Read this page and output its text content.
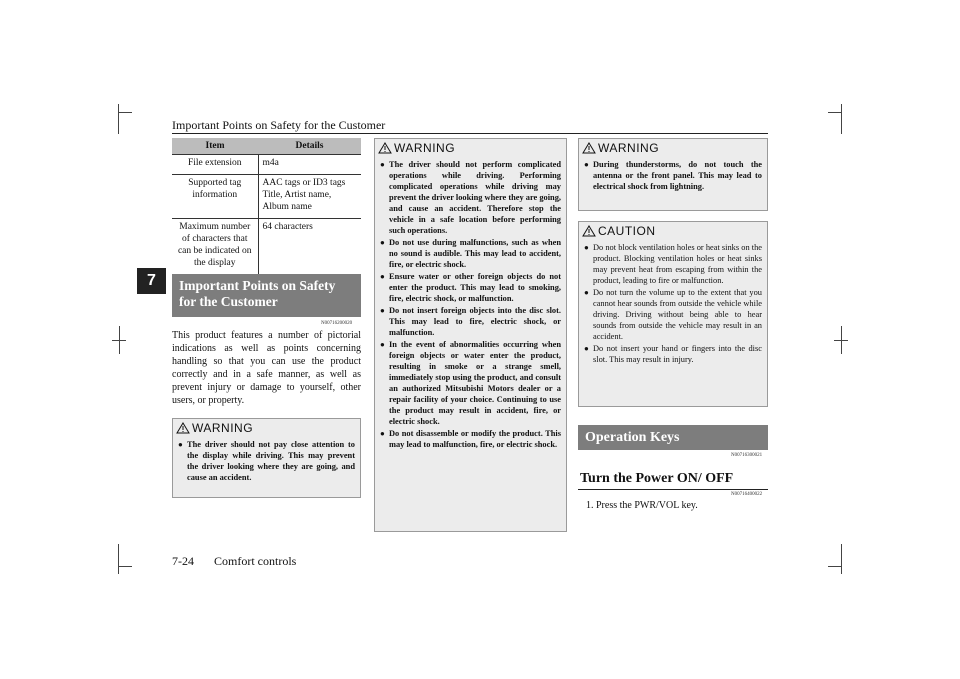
Important Points on Safety for the Customer
7
Item	Details
File extension	m4a

Supported tag information	AAC tags or ID3 tags
Title, Artist name,
Album name

Maximum number of characters that can be indicated on the display	64 characters
Important Points on Safety for the Customer
N00716200020
This product features a number of pictorial indications as well as points concerning handling so that you can use the product correctly and in a safe manner, as well as prevent injury or damage to yourself, other users, or property.
WARNING
● The driver should not pay close attention to the display while driving. This may prevent the driver looking where they are going, and cause an accident.
WARNING
● The driver should not perform complicated operations while driving. Performing complicated operations while driving may prevent the driver looking where they are going, and cause an accident. Therefore stop the vehicle in a safe location before performing such operations.
● Do not use during malfunctions, such as when no sound is audible. This may lead to accident, fire, or electric shock.
● Ensure water or other foreign objects do not enter the product. This may lead to smoking, fire, electric shock, or malfunction.
● Do not insert foreign objects into the disc slot. This may lead to fire, electric shock, or malfunction.
● In the event of abnormalities occurring when foreign objects or water enter the product, resulting in smoke or a strange smell, immediately stop using the product, and consult an authorized Mitsubishi Motors dealer or a repair facility of your choice. Continuing to use the product may result in accident, fire, or electric shock.
● Do not disassemble or modify the product. This may lead to malfunction, fire, or electric shock.
WARNING
● During thunderstorms, do not touch the antenna or the front panel. This may lead to electrical shock from lightning.
CAUTION
● Do not block ventilation holes or heat sinks on the product. Blocking ventilation holes or heat sinks may prevent heat from escaping from within the product, leading to fire or malfunction.
● Do not turn the volume up to the extent that you cannot hear sounds from outside the vehicle while driving. Driving without being able to hear sounds from outside the vehicle may result in an accident.
● Do not insert your hand or fingers into the disc slot. This may result in injury.
Operation Keys
N00716300021
Turn the Power ON/ OFF
N00716400022
1. Press the PWR/VOL key.
7-24 Comfort controls
